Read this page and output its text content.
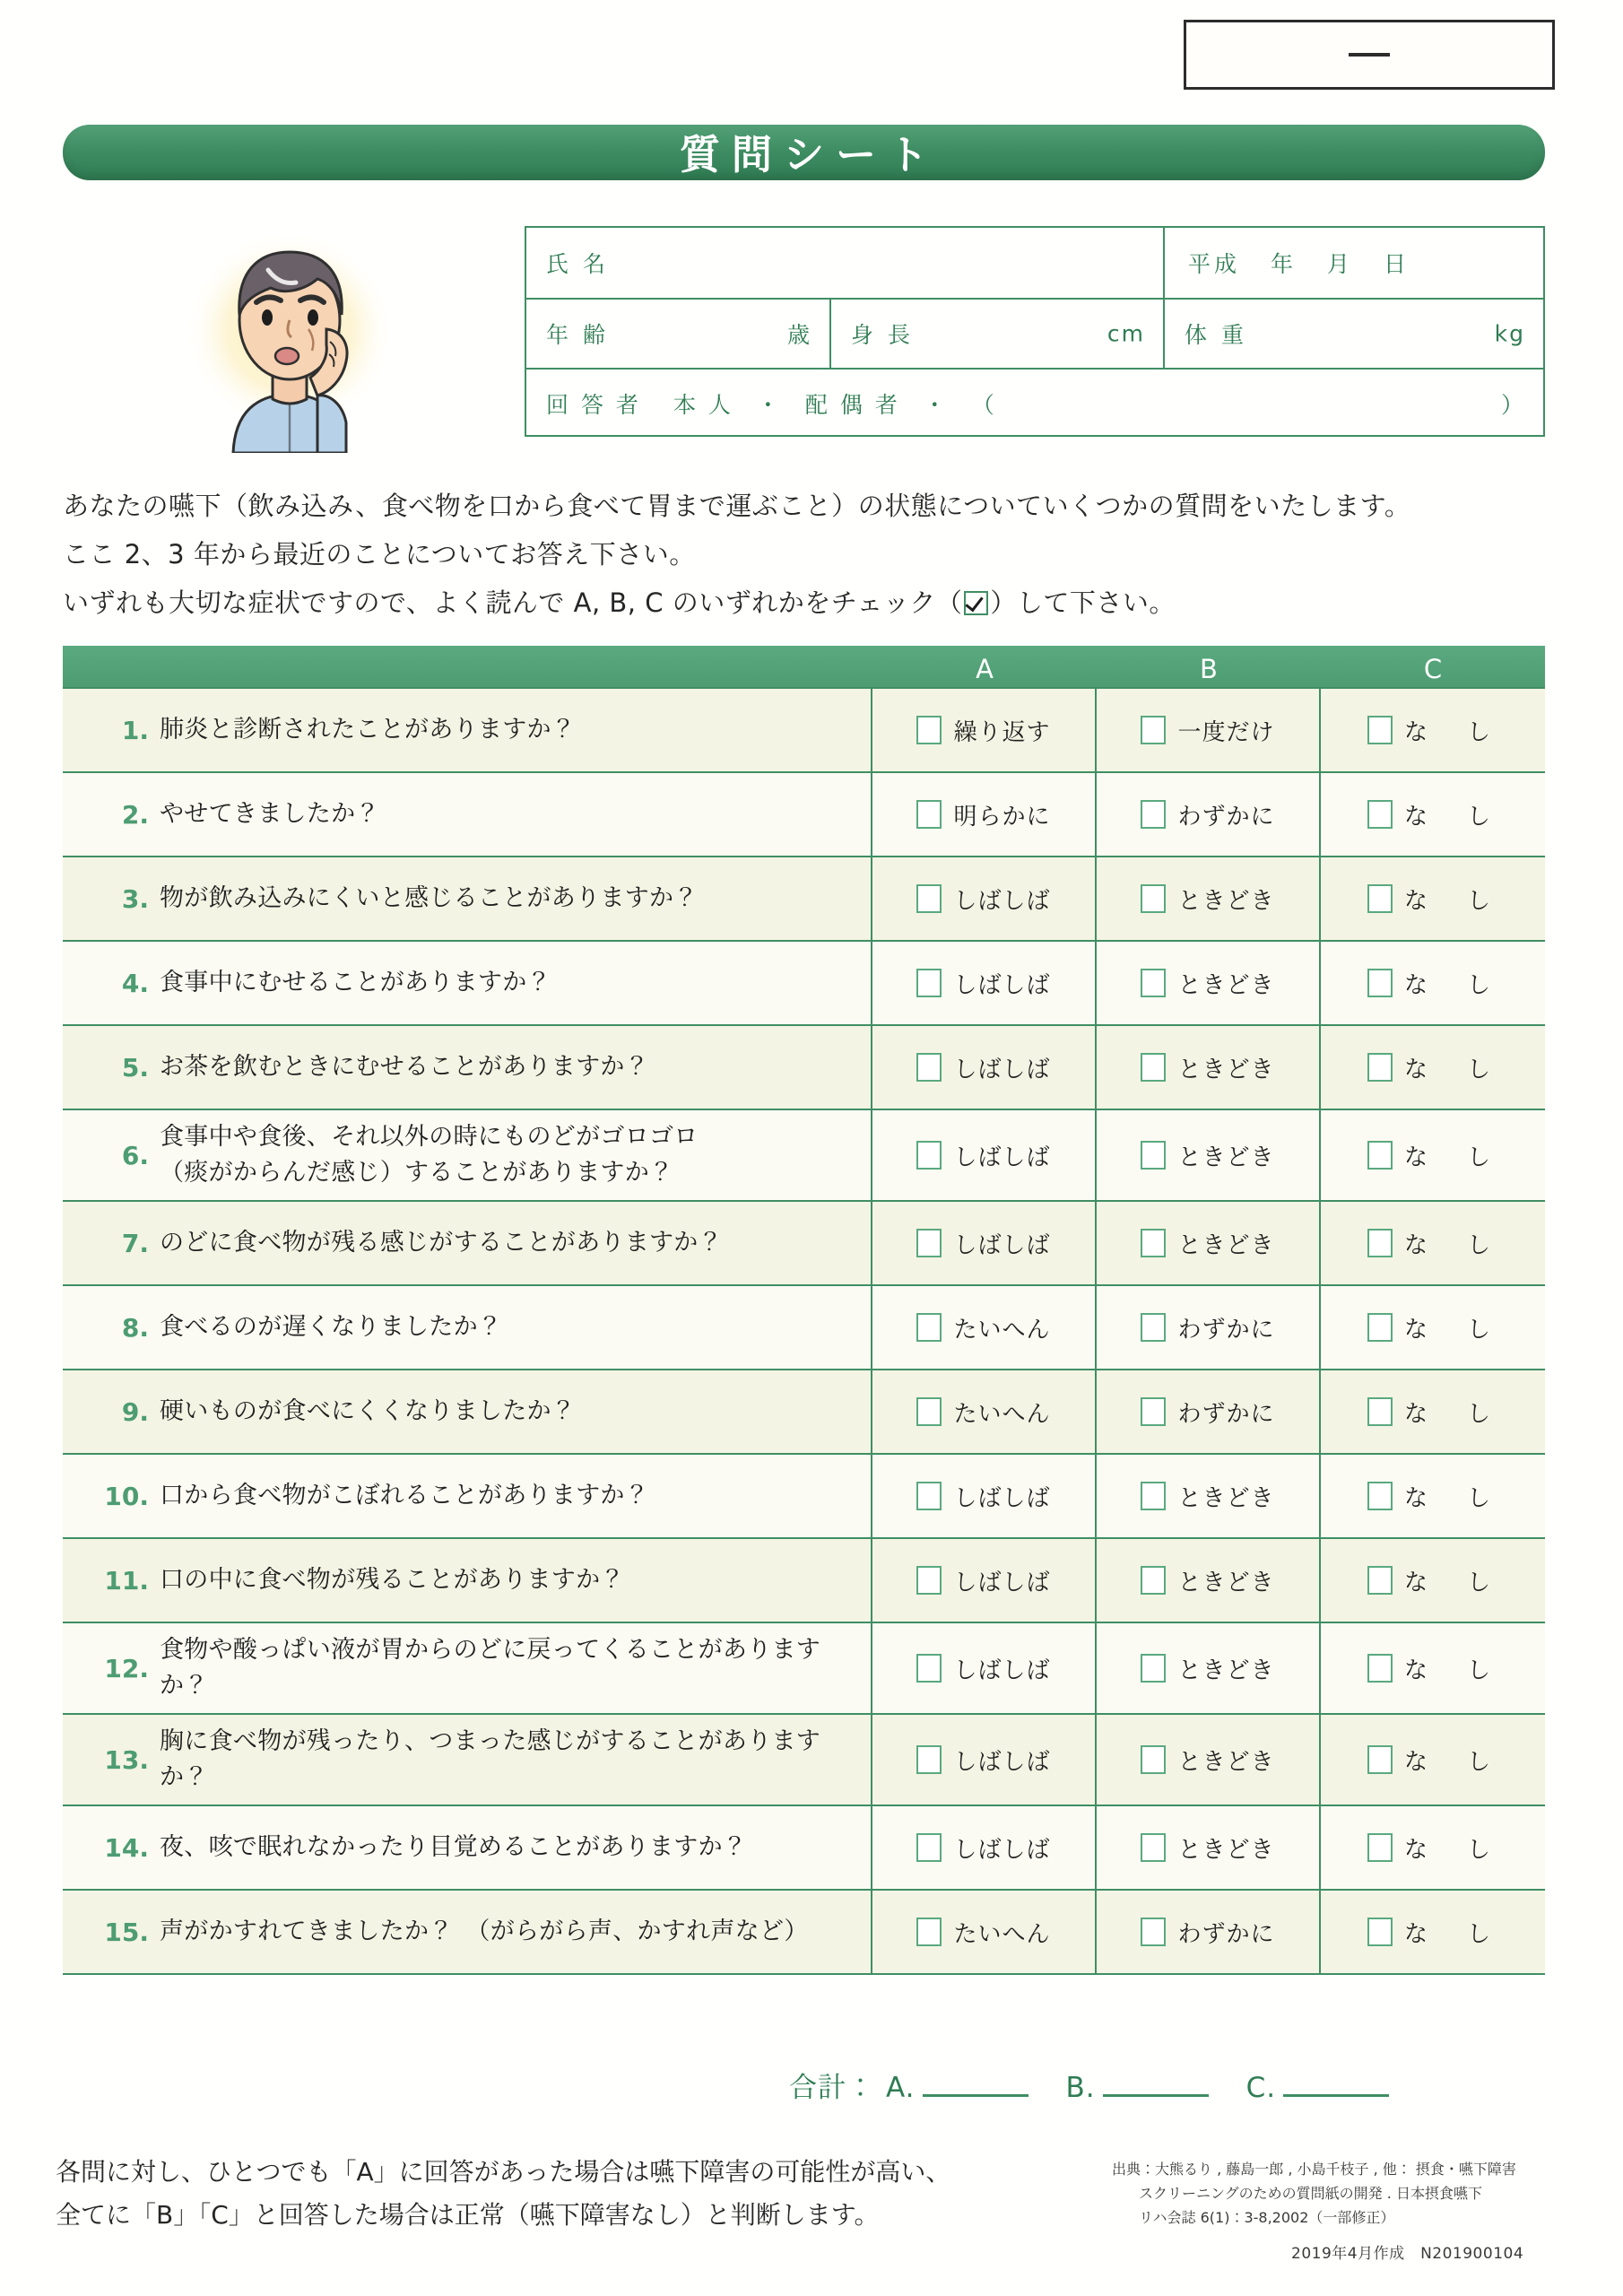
質問シート
氏 名	平成 年 月 日
年 齢	歳 身 長	cm 体 重	kg
回 答 者 本 人 ・ 配 偶 者 ・ （	）

あなたの嚥下（飲み込み、食べ物を口から食べて胃まで運ぶこと）の状態についていくつかの質問をいたします。

ここ 2、3 年から最近のことについてお答え下さい。

いずれも大切な症状ですので、よく読んで A, B, C のいずれかをチェック（ ）して下さい。

A	B	C
1. 肺炎と診断されたことがありますか？	繰り返す	一度だけ	な　し
2. やせてきましたか？	明らかに	わずかに	な　し
3. 物が飲み込みにくいと感じることがありますか？	しばしば	ときどき	な　し
4. 食事中にむせることがありますか？	しばしば	ときどき	な　し
5. お茶を飲むときにむせることがありますか？	しばしば	ときどき	な　し
6.
食事中や食後、それ以外の時にものどがゴロゴロ
（痰がからんだ感じ）することがありますか？
しばしば	ときどき	な　し
7. のどに食べ物が残る感じがすることがありますか？	しばしば	ときどき	な　し
8. 食べるのが遅くなりましたか？	たいへん	わずかに	な　し
9. 硬いものが食べにくくなりましたか？	たいへん	わずかに	な　し
10. 口から食べ物がこぼれることがありますか？	しばしば	ときどき	な　し
11. 口の中に食べ物が残ることがありますか？	しばしば	ときどき	な　し
12.
食物や酸っぱい液が胃からのどに戻ってくることがありますか？
しばしば	ときどき	な　し
13.
胸に食べ物が残ったり、つまった感じがすることがありますか？
しばしば	ときどき	な　し
14. 夜、咳で眠れなかったり目覚めることがありますか？	しばしば	ときどき	な　し
15. 声がかすれてきましたか？　（がらがら声、かすれ声など）	たいへん	わずかに	な　し
合計： A.	B.	C.

各問に対し、ひとつでも「A」に回答があった場合は嚥下障害の可能性が高い、

全てに「B」「C」と回答した場合は正常（嚥下障害なし）と判断します。

出典：大熊るり , 藤島一郎 , 小島千枝子 , 他： 摂食・嚥下障害

スクリーニングのための質問紙の開発 . 日本摂食嚥下

リハ会誌 6(1)：3-8,2002（一部修正）

2019年4月作成　N201900104
